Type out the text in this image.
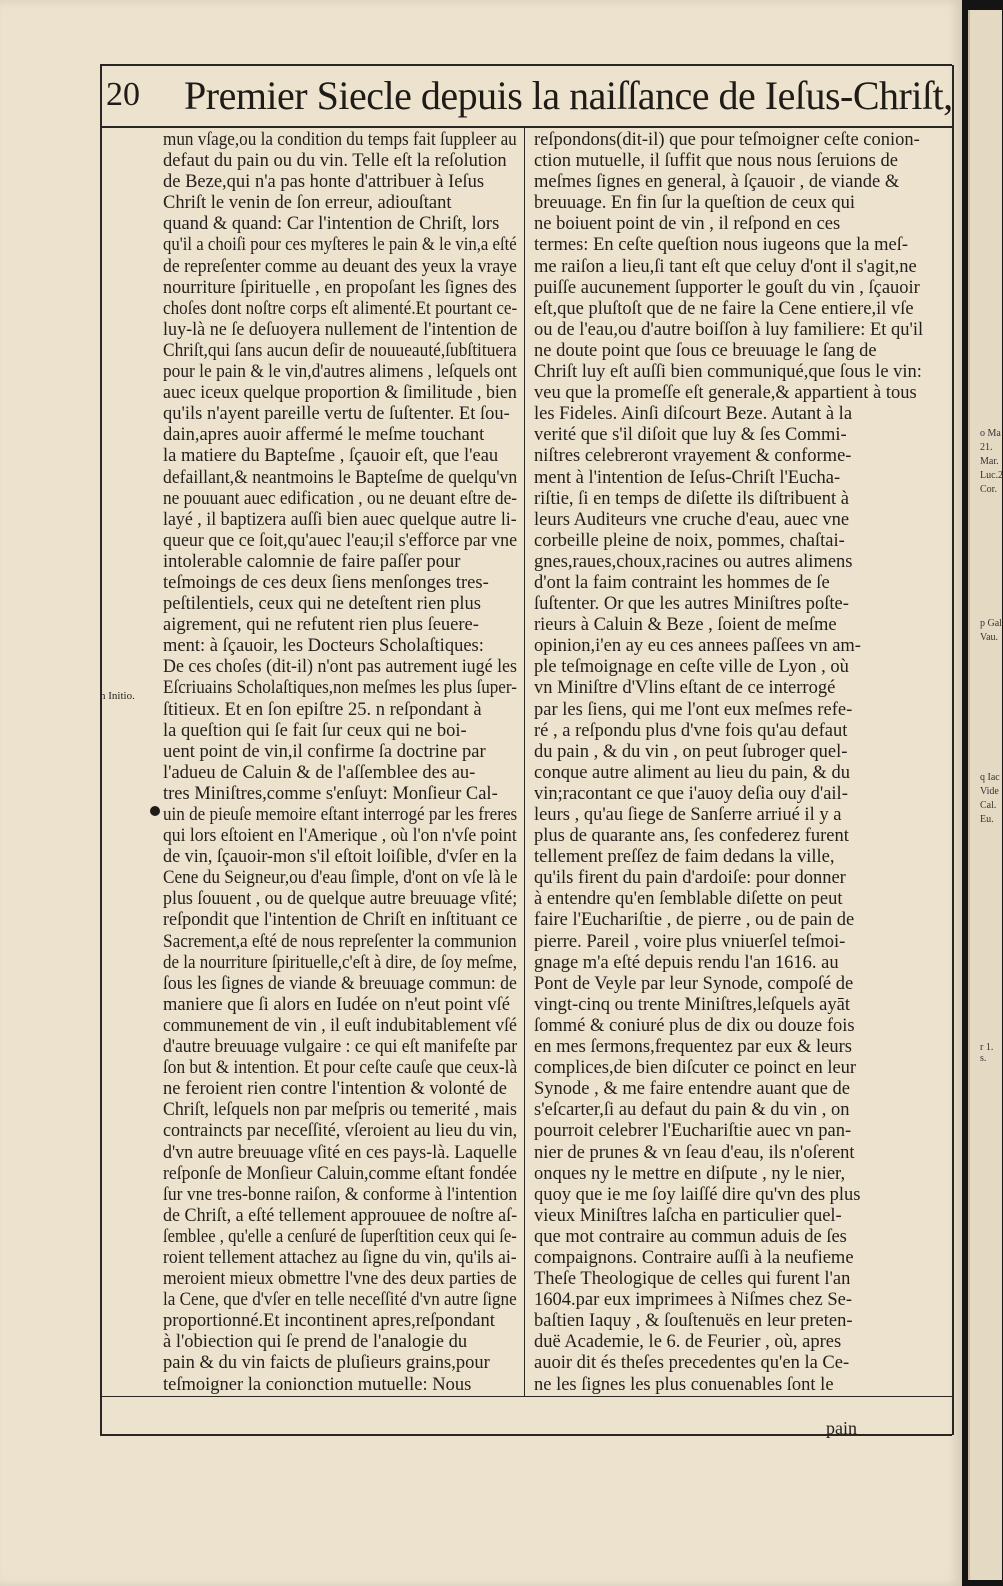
o Ma
21.
Mar.
Luc.2
Cor.
p Gal
Vau.
q Iac
Vide
Cal.
Eu.
r 1. s.
20 Premier Siecle depuis la naiſſance de Ieſus-Chriſt,
n Initio.
mun vſage,ou la condition du temps fait ſuppleer au
defaut du pain ou du vin. Telle eſt la reſolution
de Beze,qui n'a pas honte d'attribuer à Ieſus
Chriſt le venin de ſon erreur, adiouſtant
quand & quand: Car l'intention de Chriſt, lors
qu'il a choiſi pour ces myſteres le pain & le vin,a eſté
de repreſenter comme au deuant des yeux la vraye
nourriture ſpirituelle , en propoſant les ſignes des
choſes dont noſtre corps eſt alimenté.Et pourtant ce-
luy-là ne ſe deſuoyera nullement de l'intention de
Chriſt,qui ſans aucun deſir de nouueauté,ſubſtituera
pour le pain & le vin,d'autres alimens , leſquels ont
auec iceux quelque proportion & ſimilitude , bien
qu'ils n'ayent pareille vertu de ſuſtenter. Et ſou-
dain,apres auoir affermé le meſme touchant
la matiere du Bapteſme , ſçauoir eſt, que l'eau
defaillant,& neantmoins le Bapteſme de quelqu'vn
ne pouuant auec edification , ou ne deuant eſtre de-
layé , il baptizera auſſi bien auec quelque autre li-
queur que ce ſoit,qu'auec l'eau;il s'efforce par vne
intolerable calomnie de faire paſſer pour
teſmoings de ces deux ſiens menſonges tres-
peſtilentiels, ceux qui ne deteſtent rien plus
aigrement, qui ne refutent rien plus ſeuere-
ment: à ſçauoir, les Docteurs Scholaſtiques:
De ces choſes (dit-il) n'ont pas autrement iugé les
Eſcriuains Scholaſtiques,non meſmes les plus ſuper-
ſtitieux. Et en ſon epiſtre 25. n reſpondant à
la queſtion qui ſe fait ſur ceux qui ne boi-
uent point de vin,il confirme ſa doctrine par
l'adueu de Caluin & de l'aſſemblee des au-
tres Miniſtres,comme s'enſuyt: Monſieur Cal-
uin de pieuſe memoire eſtant interrogé par les freres
qui lors eſtoient en l'Amerique , où l'on n'vſe point
de vin, ſçauoir-mon s'il eſtoit loiſible, d'vſer en la
Cene du Seigneur,ou d'eau ſimple, d'ont on vſe là le
plus ſouuent , ou de quelque autre breuuage vſité;
reſpondit que l'intention de Chriſt en inſtituant ce
Sacrement,a eſté de nous repreſenter la communion
de la nourriture ſpirituelle,c'eſt à dire, de ſoy meſme,
ſous les ſignes de viande & breuuage commun: de
maniere que ſi alors en Iudée on n'eut point vſé
communement de vin , il euſt indubitablement vſé
d'autre breuuage vulgaire : ce qui eſt manifeſte par
ſon but & intention. Et pour ceſte cauſe que ceux-là
ne feroient rien contre l'intention & volonté de
Chriſt, leſquels non par meſpris ou temerité , mais
contraincts par neceſſité, vſeroient au lieu du vin,
d'vn autre breuuage vſité en ces pays-là. Laquelle
reſponſe de Monſieur Caluin,comme eſtant fondée
ſur vne tres-bonne raiſon, & conforme à l'intention
de Chriſt, a eſté tellement approuuee de noſtre aſ-
ſemblee , qu'elle a cenſuré de ſuperſtition ceux qui ſe-
roient tellement attachez au ſigne du vin, qu'ils ai-
meroient mieux obmettre l'vne des deux parties de
la Cene, que d'vſer en telle neceſſité d'vn autre ſigne
proportionné.Et incontinent apres,reſpondant
à l'obiection qui ſe prend de l'analogie du
pain & du vin faicts de pluſieurs grains,pour
teſmoigner la conionction mutuelle: Nous
reſpondons(dit-il) que pour teſmoigner ceſte conion-
ction mutuelle, il ſuffit que nous nous ſeruions de
meſmes ſignes en general, à ſçauoir , de viande &
breuuage. En fin ſur la queſtion de ceux qui
ne boiuent point de vin , il reſpond en ces
termes: En ceſte queſtion nous iugeons que la meſ-
me raiſon a lieu,ſi tant eſt que celuy d'ont il s'agit,ne
puiſſe aucunement ſupporter le gouſt du vin , ſçauoir
eſt,que pluſtoſt que de ne faire la Cene entiere,il vſe
ou de l'eau,ou d'autre boiſſon à luy familiere: Et qu'il
ne doute point que ſous ce breuuage le ſang de
Chriſt luy eſt auſſi bien communiqué,que ſous le vin:
veu que la promeſſe eſt generale,& appartient à tous
les Fideles. Ainſi diſcourt Beze. Autant à la
verité que s'il diſoit que luy & ſes Commi-
niſtres celebreront vrayement & conforme-
ment à l'intention de Ieſus-Chriſt l'Eucha-
riſtie, ſi en temps de diſette ils diſtribuent à
leurs Auditeurs vne cruche d'eau, auec vne
corbeille pleine de noix, pommes, chaſtai-
gnes,raues,choux,racines ou autres alimens
d'ont la faim contraint les hommes de ſe
ſuſtenter. Or que les autres Miniſtres poſte-
rieurs à Caluin & Beze , ſoient de meſme
opinion,i'en ay eu ces annees paſſees vn am-
ple teſmoignage en ceſte ville de Lyon , où
vn Miniſtre d'Vlins eſtant de ce interrogé
par les ſiens, qui me l'ont eux meſmes refe-
ré , a reſpondu plus d'vne fois qu'au defaut
du pain , & du vin , on peut ſubroger quel-
conque autre aliment au lieu du pain, & du
vin;racontant ce que i'auoy deſia ouy d'ail-
leurs , qu'au ſiege de Sanſerre arriué il y a
plus de quarante ans, ſes confederez furent
tellement preſſez de faim dedans la ville,
qu'ils firent du pain d'ardoiſe: pour donner
à entendre qu'en ſemblable diſette on peut
faire l'Euchariſtie , de pierre , ou de pain de
pierre. Pareil , voire plus vniuerſel teſmoi-
gnage m'a eſté depuis rendu l'an 1616. au
Pont de Veyle par leur Synode, compoſé de
vingt-cinq ou trente Miniſtres,leſquels ayāt
ſommé & coniuré plus de dix ou douze fois
en mes ſermons,frequentez par eux & leurs
complices,de bien diſcuter ce poinct en leur
Synode , & me faire entendre auant que de
s'eſcarter,ſi au defaut du pain & du vin , on
pourroit celebrer l'Euchariſtie auec vn pan-
nier de prunes & vn ſeau d'eau, ils n'oſerent
onques ny le mettre en diſpute , ny le nier,
quoy que ie me ſoy laiſſé dire qu'vn des plus
vieux Miniſtres laſcha en particulier quel-
que mot contraire au commun aduis de ſes
compaignons. Contraire auſſi à la neufieme
Theſe Theologique de celles qui furent l'an
1604.par eux imprimees à Niſmes chez Se-
baſtien Iaquy , & ſouſtenuës en leur preten-
duë Academie, le 6. de Feurier , où, apres
auoir dit és theſes precedentes qu'en la Ce-
ne les ſignes les plus conuenables ſont le
pain
